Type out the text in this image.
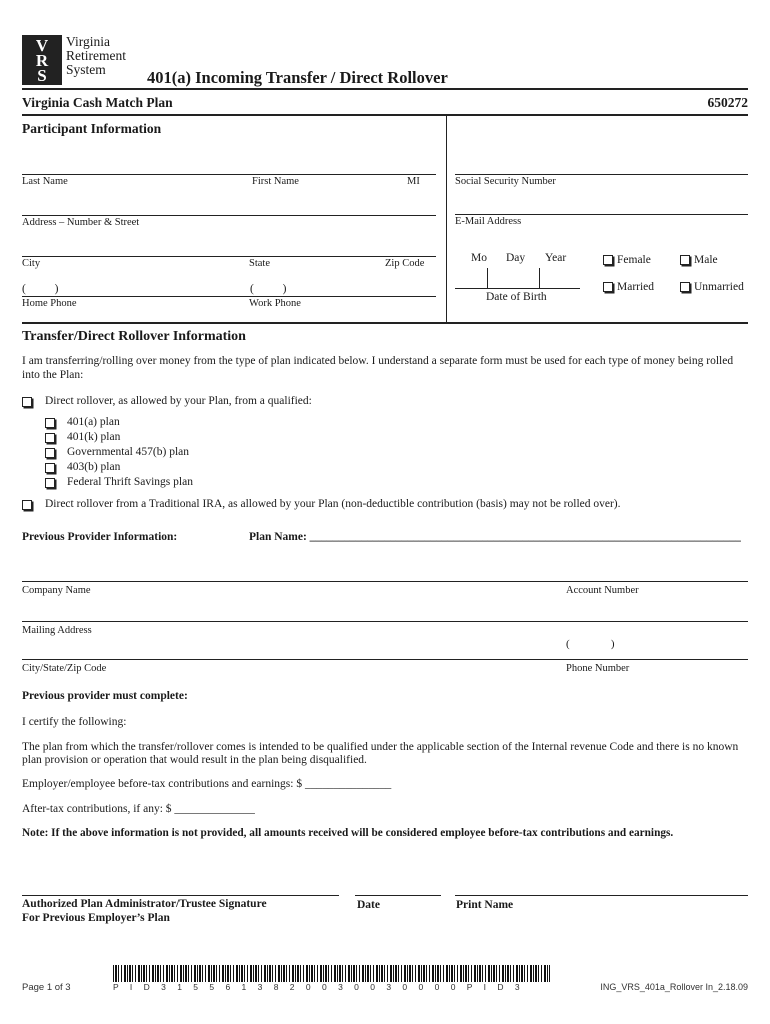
VRS
Virginia
Retirement
System	401(a) Incoming Transfer / Direct Rollover
Virginia Cash Match Plan	650272
Participant Information
Last Name	First Name	MI	Social Security Number
Address – Number & Street	E-Mail Address
City	State	Zip Code	Mo Day Year
Date of Birth
Female	Male
Married	Unmarried
(          )	(          )
Home Phone	Work Phone
Transfer/Direct Rollover Information
I am transferring/rolling over money from the type of plan indicated below. I understand a separate form must be used for each type of money being rolled into the Plan:
Direct rollover, as allowed by your Plan, from a qualified:
401(a) plan
401(k) plan
Governmental 457(b) plan
403(b) plan
Federal Thrift Savings plan
Direct rollover from a Traditional IRA, as allowed by your Plan (non-deductible contribution (basis) may not be rolled over).
Previous Provider Information:	Plan Name: ___________________________________________________________________________
Company Name	Account Number
Mailing Address
(               )
City/State/Zip Code	Phone Number
Previous provider must complete:
I certify the following:
The plan from which the transfer/rollover comes is intended to be qualified under the applicable section of the Internal revenue Code and there is no known plan provision or operation that would result in the plan being disqualified.
Employer/employee before-tax contributions and earnings: $ _______________
After-tax contributions, if any: $ ______________
Note: If the above information is not provided, all amounts received will be considered employee before-tax contributions and earnings.
Authorized Plan Administrator/Trustee Signature
For Previous Employer’s Plan
Date	Print Name
Page 1 of 3	P I D 3 1 5 5 6 1 3 8 2 0 0 3 0 0 3 0 0 0 0 P I D 3	ING_VRS_401a_Rollover In_2.18.09
